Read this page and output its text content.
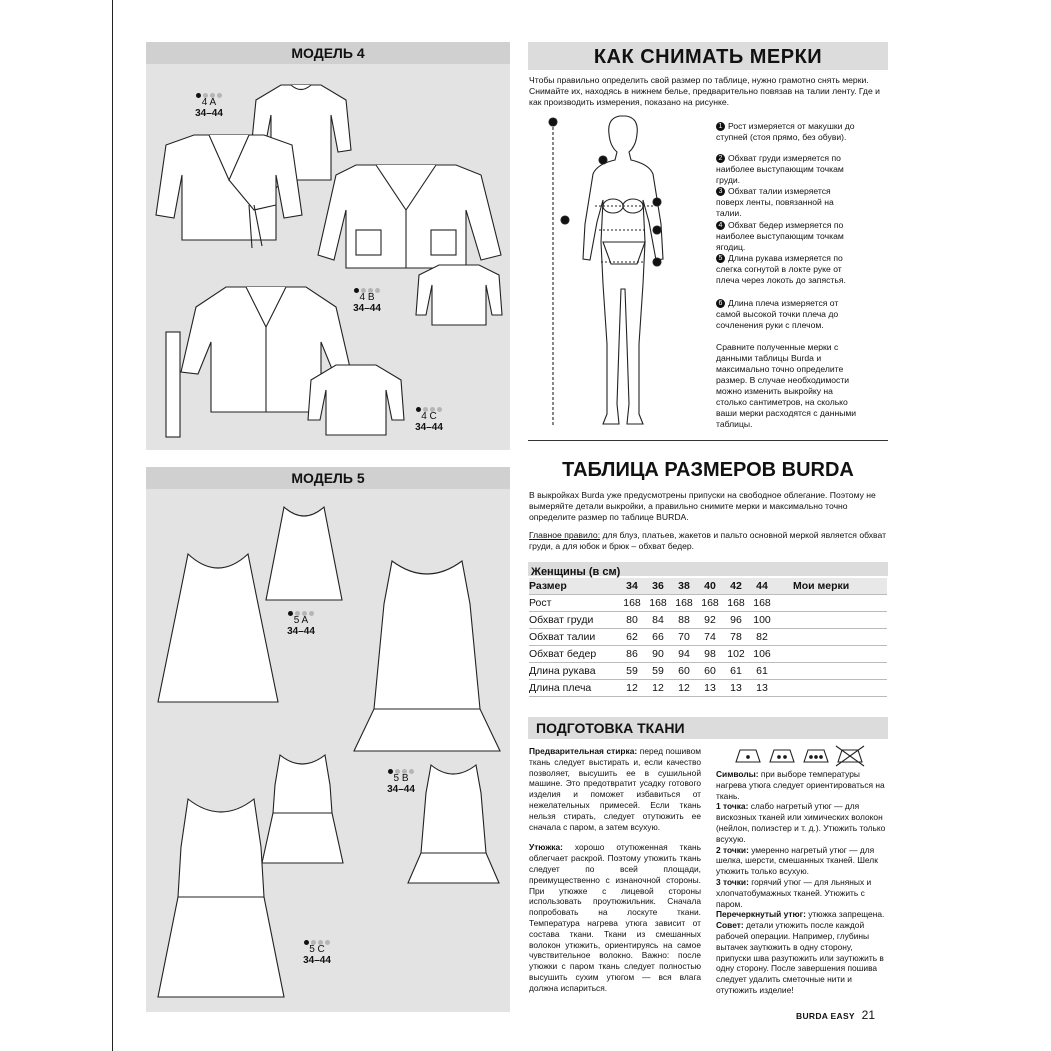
МОДЕЛЬ 4
4 A
34–44
4 B
34–44
4 C
34–44
МОДЕЛЬ 5
5 A
34–44
5 B
34–44
5 C
34–44
КАК СНИМАТЬ МЕРКИ
Чтобы правильно определить свой размер по таблице, нужно грамотно снять мерки. Снимайте их, находясь в нижнем белье, предварительно повязав на талии ленту. Где и как производить измерения, показано на рисунке.
1 Рост измеряется от макушки до ступней (стоя прямо, без обуви).
2 Обхват груди измеряется по наиболее выступающим точкам груди.
3 Обхват талии измеряется поверх ленты, повязанной на талии.
4 Обхват бедер измеряется по наиболее выступающим точкам ягодиц.
5 Длина рукава измеряется по слегка согнутой в локте руке от плеча через локоть до запястья.
6 Длина плеча измеряется от самой высокой точки плеча до сочленения руки с плечом.
Сравните полученные мерки с данными таблицы Burda и максимально точно определите размер. В случае необходимости можно изменить выкройку на столько сантиметров, на сколько ваши мерки расходятся с данными таблицы.
ТАБЛИЦА РАЗМЕРОВ BURDA
В выкройках Burda уже предусмотрены припуски на свободное облегание. Поэтому не вымеряйте детали выкройки, а правильно снимите мерки и максимально точно определите размер по таблице BURDA.
Главное правило: для блуз, платьев, жакетов и пальто основной меркой является обхват груди, а для юбок и брюк – обхват бедер.
Женщины (в см)
Размер	34	36	38	40	42	44	Мои мерки
Рост	168	168	168	168	168	168	
Обхват груди	80	84	88	92	96	100	
Обхват талии	62	66	70	74	78	82	
Обхват бедер	86	90	94	98	102	106	
Длина рукава	59	59	60	60	61	61	
Длина плеча	12	12	12	13	13	13	
ПОДГОТОВКА ТКАНИ

Предварительная стирка: перед пошивом ткань следует выстирать и, если качество позволяет, высушить ее в сушильной машине. Это предотвратит усадку готового изделия и поможет избавиться от нежелательных примесей. Если ткань нельзя стирать, следует отутюжить ее сначала с паром, а затем всухую.

Утюжка: хорошо отутюженная ткань облегчает раскрой. Поэтому утюжить ткань следует по всей площади, преимущественно с изнаночной стороны. При утюжке с лицевой стороны использовать проутюжильник. Сначала попробовать на лоскуте ткани. Температура нагрева утюга зависит от состава ткани. Ткани из смешанных волокон утюжить, ориентируясь на самое чувствительное волокно. Важно: после утюжки с паром ткань следует полностью высушить сухим утюгом — вся влага должна испариться.

Символы: при выборе температуры нагрева утюга следует ориентироваться на ткань.

1 точка: слабо нагретый утюг — для вискозных тканей или химических волокон (нейлон, полиэстер и т. д.). Утюжить только всухую.

2 точки: умеренно нагретый утюг — для шелка, шерсти, смешанных тканей. Шелк утюжить только всухую.

3 точки: горячий утюг — для льняных и хлопчатобумажных тканей. Утюжить с паром.

Перечеркнутый утюг: утюжка запрещена.

Совет: детали утюжить после каждой рабочей операции. Например, глубины вытачек заутюжить в одну сторону, припуски шва разутюжить или заутюжить в одну сторону. После завершения пошива следует удалить сметочные нити и отутюжить изделие!

BURDA EASY 21
